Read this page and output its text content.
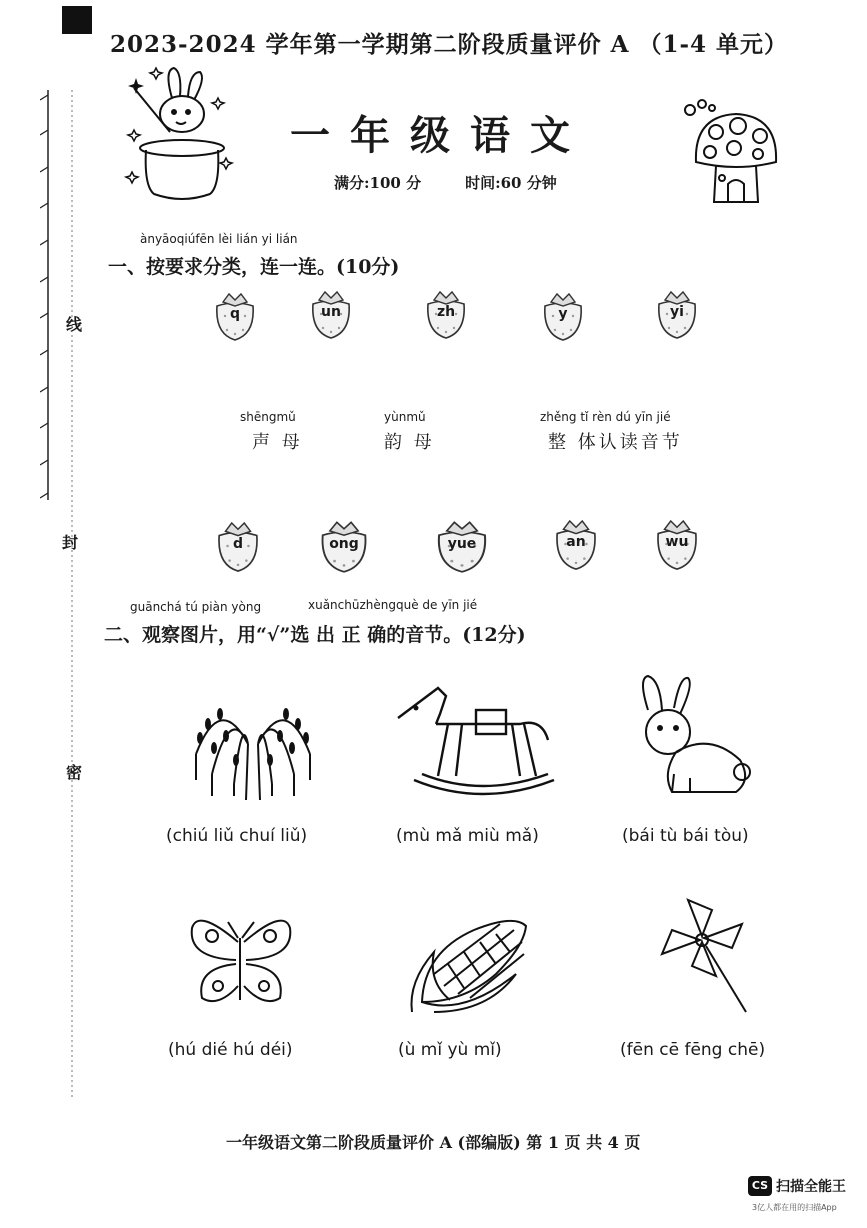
2023-2024 学年第一学期第二阶段质量评价 A （1-4 单元）
线
封
密
一年级语文
满分:100 分	时间:60 分钟
ànyāoqiúfēn lèi lián yi lián
一、按要求分类，连一连。(10分)
q	un	zh	y	yi
shēngmǔ
声 母
yùnmǔ
韵 母
zhěng tǐ rèn dú yīn jié
整 体认读音节
d	ong	yue	an	wu
guānchá tú piàn yòng	xuǎnchūzhèngquè de yīn jié
二、观察图片，用“√”选 出 正 确的音节。(12分)
(chiú liǔ chuí liǔ)	(mù mǎ miù mǎ)	(bái tù bái tòu)
(hú dié hú déi)	(ù mǐ yù mǐ)	(fēn cē fēng chē)
一年级语文第二阶段质量评价 A (部编版) 第 1 页 共 4 页
CS 扫描全能王
3亿人都在用的扫描App
